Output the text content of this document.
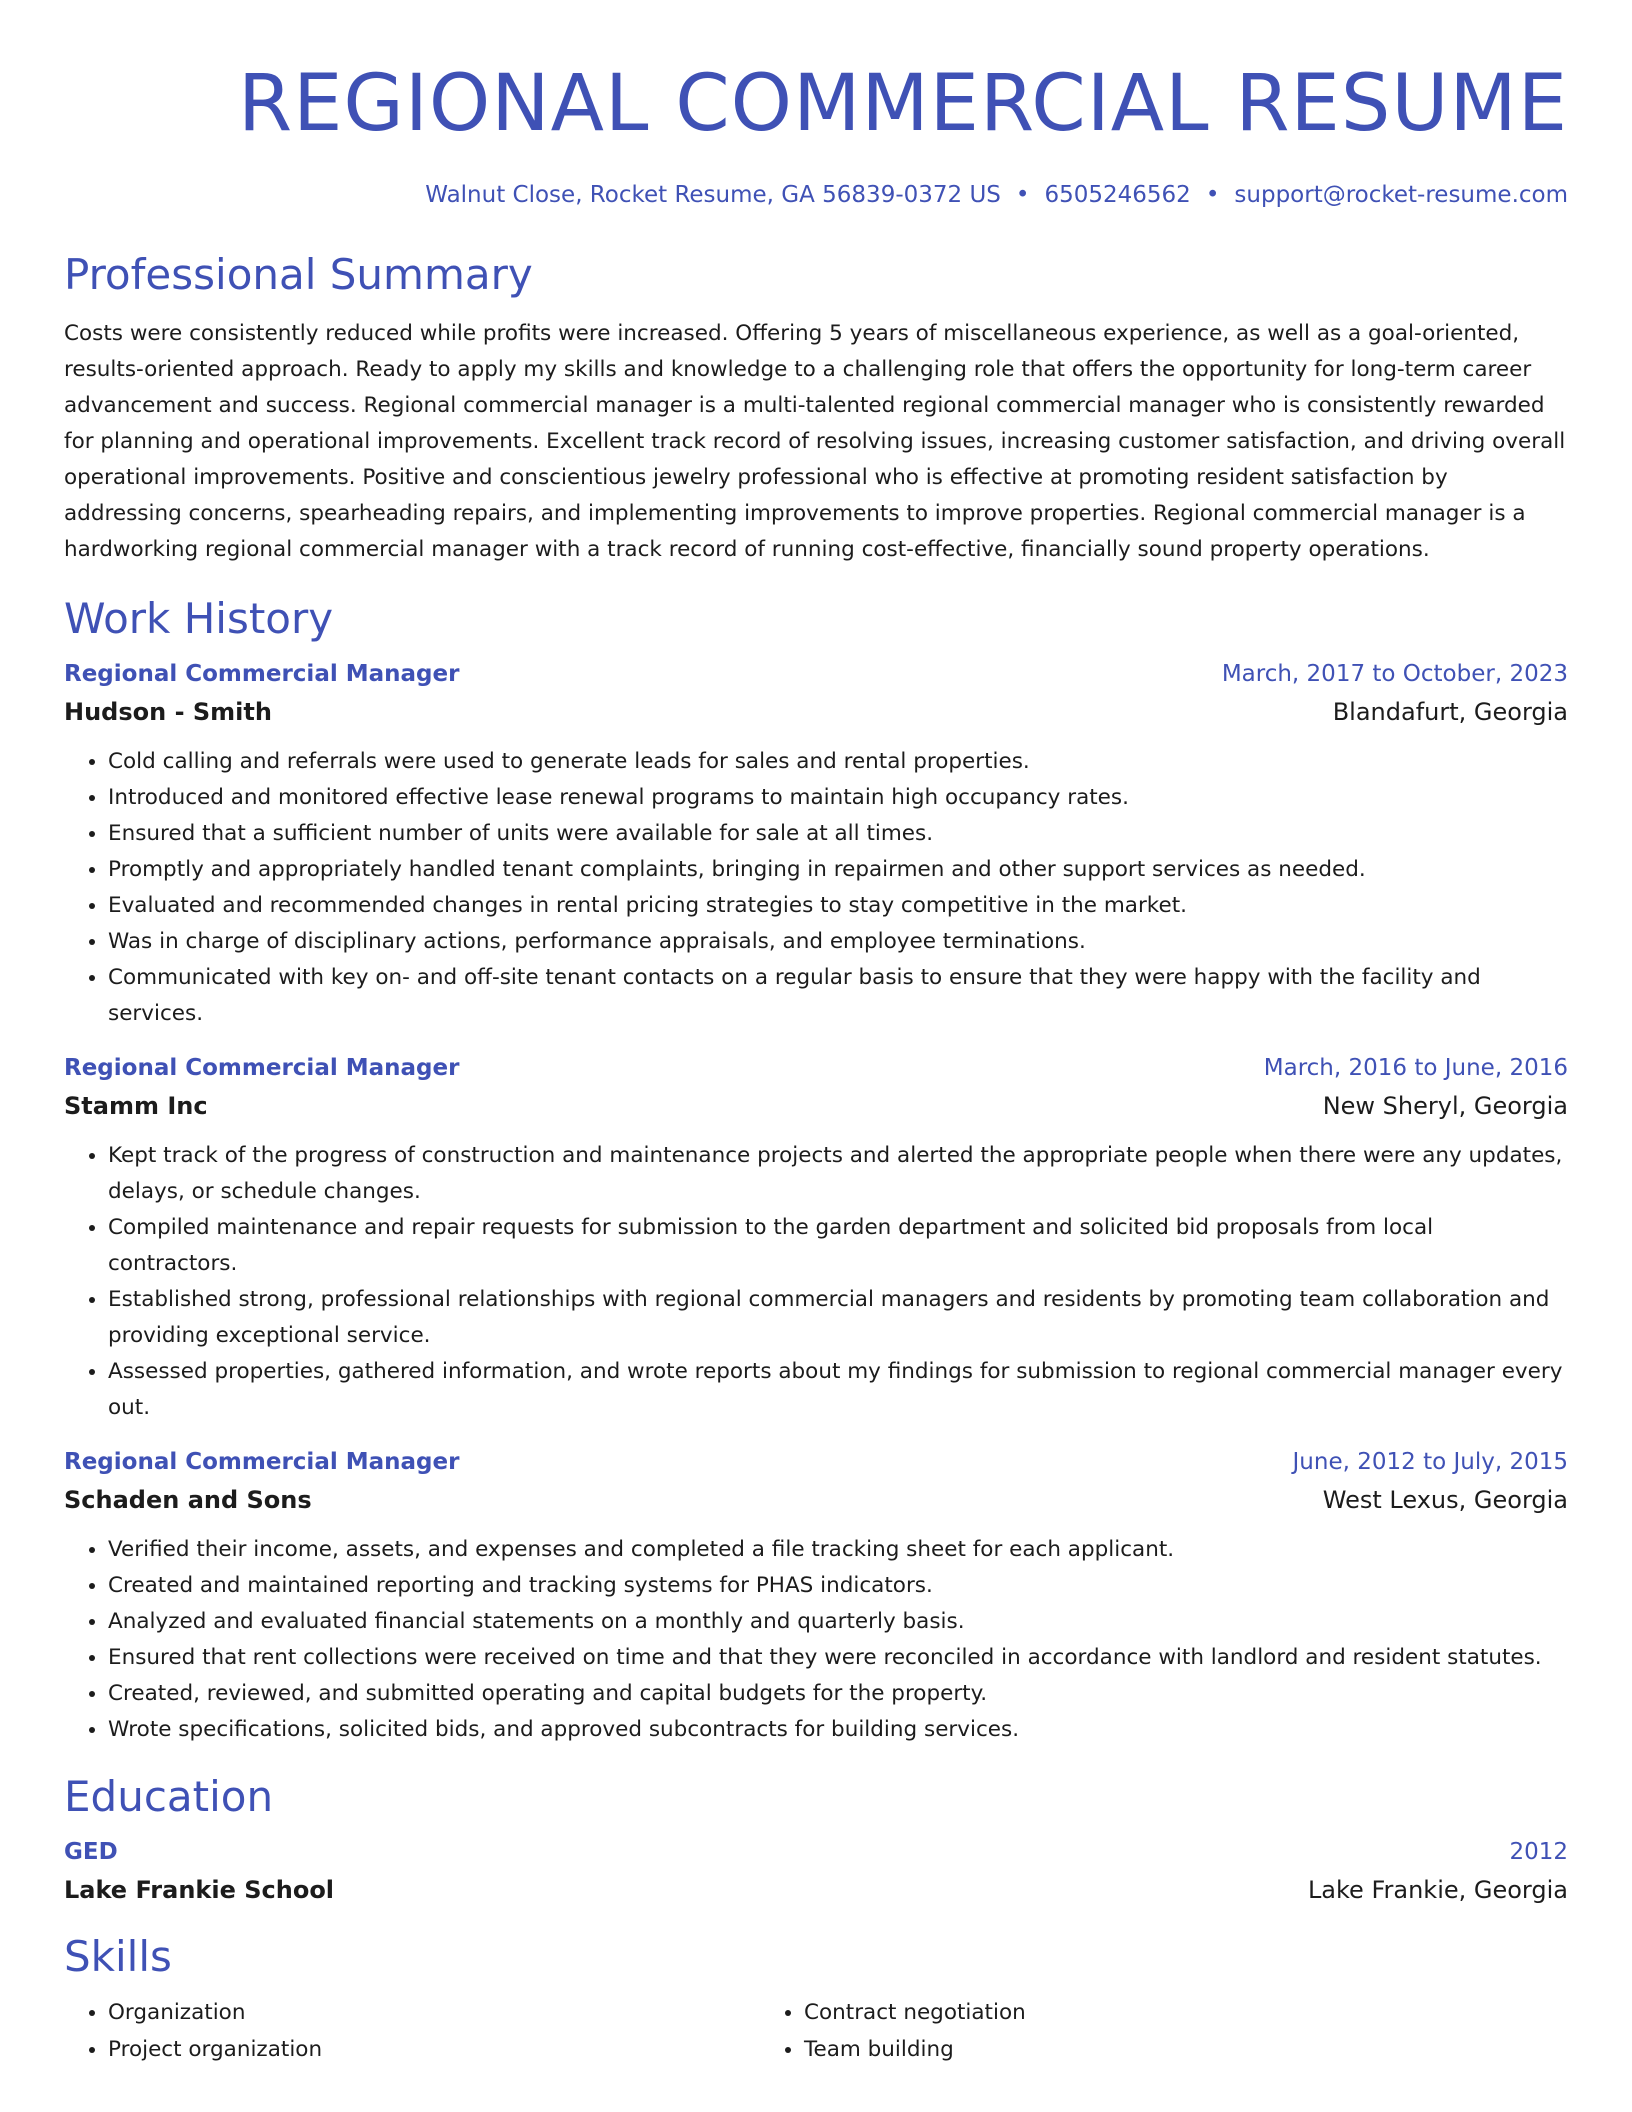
REGIONAL COMMERCIAL RESUME
Walnut Close, Rocket Resume, GA 56839-0372 US • 6505246562 • support@rocket-resume.com
Professional Summary
Costs were consistently reduced while profits were increased. Offering 5 years of miscellaneous experience, as well as a goal-oriented, results-oriented approach. Ready to apply my skills and knowledge to a challenging role that offers the opportunity for long-term career advancement and success. Regional commercial manager is a multi-talented regional commercial manager who is consistently rewarded for planning and operational improvements. Excellent track record of resolving issues, increasing customer satisfaction, and driving overall operational improvements. Positive and conscientious jewelry professional who is effective at promoting resident satisfaction by addressing concerns, spearheading repairs, and implementing improvements to improve properties. Regional commercial manager is a hardworking regional commercial manager with a track record of running cost-effective, financially sound property operations.
Work History
Regional Commercial Manager	March, 2017 to October, 2023
Hudson - Smith	Blandafurt, Georgia
• Cold calling and referrals were used to generate leads for sales and rental properties.
• Introduced and monitored effective lease renewal programs to maintain high occupancy rates.
• Ensured that a sufficient number of units were available for sale at all times.
• Promptly and appropriately handled tenant complaints, bringing in repairmen and other support services as needed.
• Evaluated and recommended changes in rental pricing strategies to stay competitive in the market.
• Was in charge of disciplinary actions, performance appraisals, and employee terminations.
• Communicated with key on- and off-site tenant contacts on a regular basis to ensure that they were happy with the facility and services.
Regional Commercial Manager	March, 2016 to June, 2016
Stamm Inc	New Sheryl, Georgia
• Kept track of the progress of construction and maintenance projects and alerted the appropriate people when there were any updates, delays, or schedule changes.
• Compiled maintenance and repair requests for submission to the garden department and solicited bid proposals from local contractors.
• Established strong, professional relationships with regional commercial managers and residents by promoting team collaboration and providing exceptional service.
• Assessed properties, gathered information, and wrote reports about my findings for submission to regional commercial manager every out.
Regional Commercial Manager	June, 2012 to July, 2015
Schaden and Sons	West Lexus, Georgia
• Verified their income, assets, and expenses and completed a file tracking sheet for each applicant.
• Created and maintained reporting and tracking systems for PHAS indicators.
• Analyzed and evaluated financial statements on a monthly and quarterly basis.
• Ensured that rent collections were received on time and that they were reconciled in accordance with landlord and resident statutes.
• Created, reviewed, and submitted operating and capital budgets for the property.
• Wrote specifications, solicited bids, and approved subcontracts for building services.
Education
GED	2012
Lake Frankie School	Lake Frankie, Georgia
Skills
• Organization
• Project organization
• Contract negotiation
• Team building
